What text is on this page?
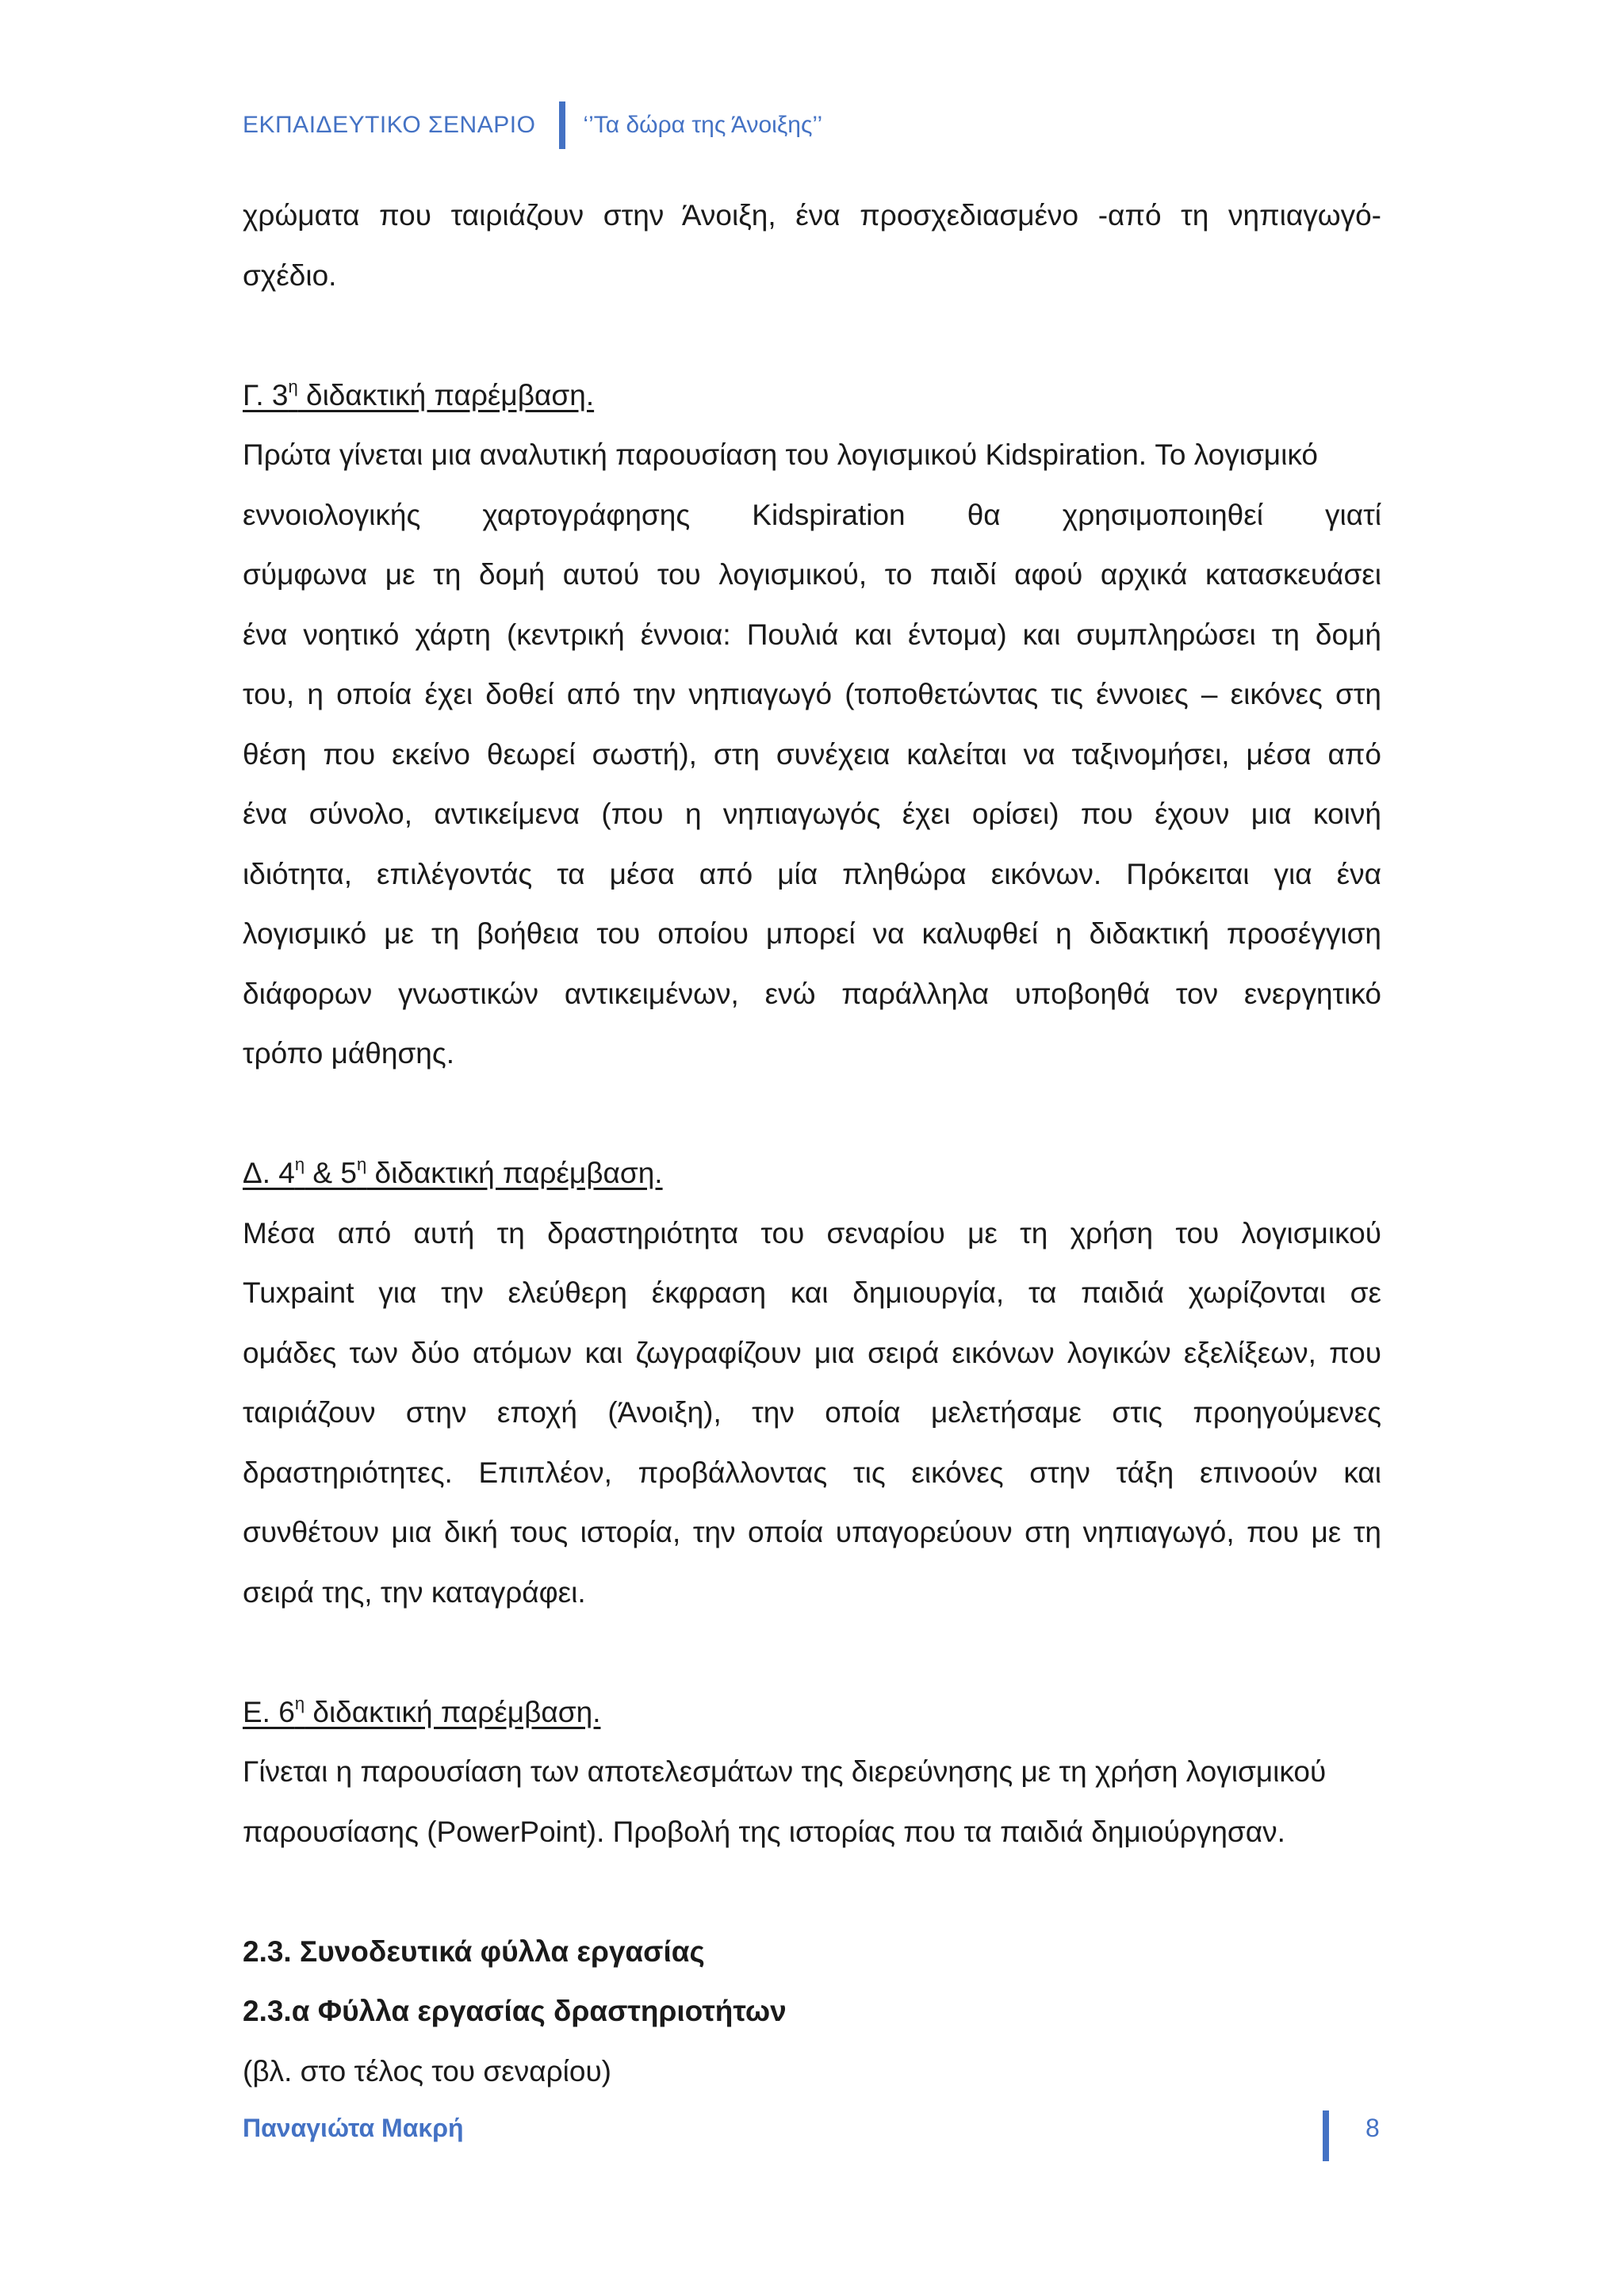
ΕΚΠΑΙΔΕΥΤΙΚΟ ΣΕΝΑΡΙΟ ‘’Τα δώρα της Άνοιξης’’
χρώματα που ταιριάζουν στην Άνοιξη, ένα προσχεδιασμένο -από τη νηπιαγωγό-
σχέδιο.
Γ. $3^\eta$ διδακτική παρέμβαση.
Πρώτα γίνεται μια αναλυτική παρουσίαση του λογισμικού Kidspiration. Το λογισμικό
εννοιολογικής χαρτογράφησης Kidspiration θα χρησιμοποιηθεί γιατί
σύμφωνα με τη δομή αυτού του λογισμικού, το παιδί αφού αρχικά κατασκευάσει
ένα νοητικό χάρτη (κεντρική έννοια: Πουλιά και έντομα) και συμπληρώσει τη δομή
του, η οποία έχει δοθεί από την νηπιαγωγό (τοποθετώντας τις έννοιες – εικόνες στη
θέση που εκείνο θεωρεί σωστή), στη συνέχεια καλείται να ταξινομήσει, μέσα από
ένα σύνολο, αντικείμενα (που η νηπιαγωγός έχει ορίσει) που έχουν μια κοινή
ιδιότητα, επιλέγοντάς τα μέσα από μία πληθώρα εικόνων. Πρόκειται για ένα
λογισμικό με τη βοήθεια του οποίου μπορεί να καλυφθεί η διδακτική προσέγγιση
διάφορων γνωστικών αντικειμένων, ενώ παράλληλα υποβοηθά τον ενεργητικό
τρόπο μάθησης.
Δ. $4^\eta$ & $5^\eta$ διδακτική παρέμβαση.
Μέσα από αυτή τη δραστηριότητα του σεναρίου με τη χρήση του λογισμικού
Tuxpaint για την ελεύθερη έκφραση και δημιουργία, τα παιδιά χωρίζονται σε
ομάδες των δύο ατόμων και ζωγραφίζουν μια σειρά εικόνων λογικών εξελίξεων, που
ταιριάζουν στην εποχή (Άνοιξη), την οποία μελετήσαμε στις προηγούμενες
δραστηριότητες. Επιπλέον, προβάλλοντας τις εικόνες στην τάξη επινοούν και
συνθέτουν μια δική τους ιστορία, την οποία υπαγορεύουν στη νηπιαγωγό, που με τη
σειρά της, την καταγράφει.
Ε. $6^\eta$ διδακτική παρέμβαση.
Γίνεται η παρουσίαση των αποτελεσμάτων της διερεύνησης με τη χρήση λογισμικού
παρουσίασης (PowerPoint). Προβολή της ιστορίας που τα παιδιά δημιούργησαν.
2.3. Συνοδευτικά φύλλα εργασίας
2.3.α Φύλλα εργασίας δραστηριοτήτων
(βλ. στο τέλος του σεναρίου)
Παναγιώτα Μακρή	8
